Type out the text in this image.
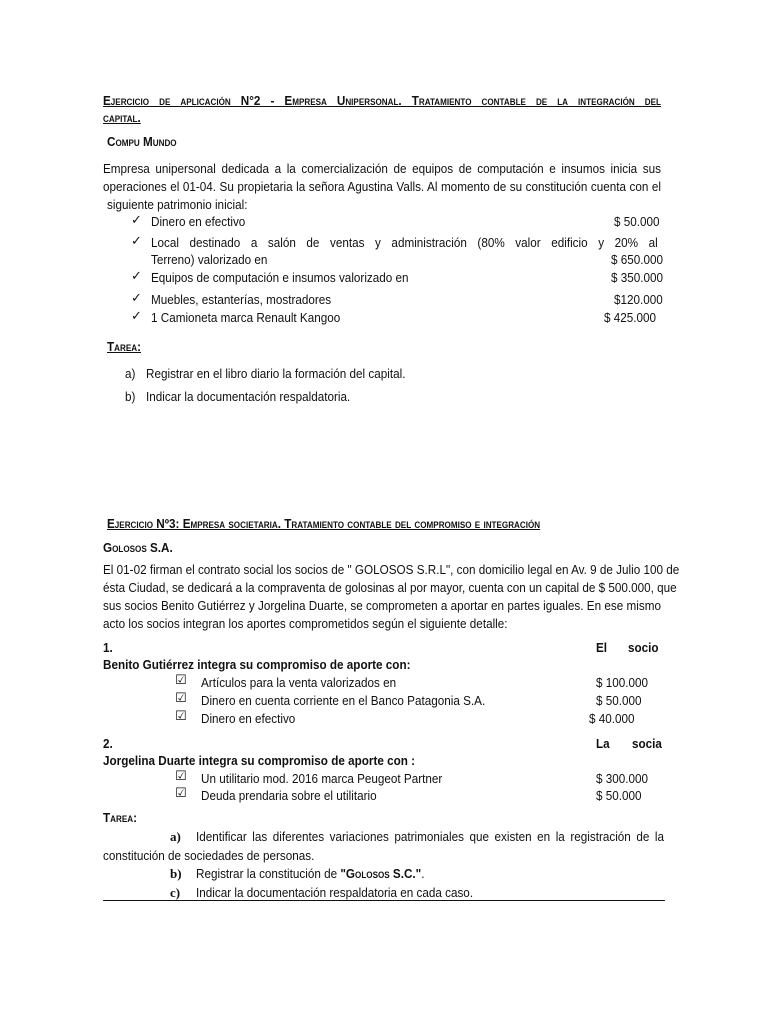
Ejercicio de aplicación N°2 - Empresa Unipersonal. Tratamiento contable de la integración del
capital.
Compu Mundo
Empresa unipersonal dedicada a la comercialización de equipos de computación e insumos inicia sus
operaciones el 01-04. Su propietaria la señora Agustina Valls. Al momento de su constitución cuenta con el
siguiente patrimonio inicial:
✓ Dinero en efectivo	$ 50.000
✓ Local destinado a salón de ventas y administración (80% valor edificio y 20% al
Terreno) valorizado en	$ 650.000
✓ Equipos de computación e insumos valorizado en	$ 350.000
✓ Muebles, estanterías, mostradores	$120.000
✓ 1 Camioneta marca Renault Kangoo	$ 425.000
Tarea:
a) Registrar en el libro diario la formación del capital.
b) Indicar la documentación respaldatoria.
Ejercicio Nº3: Empresa societaria. Tratamiento contable del compromiso e integración
Golosos S.A.
El 01-02 firman el contrato social los socios de " GOLOSOS S.R.L", con domicilio legal en Av. 9 de Julio 100 de
ésta Ciudad, se dedicará a la compraventa de golosinas al por mayor, cuenta con un capital de $ 500.000, que
sus socios Benito Gutiérrez y Jorgelina Duarte, se comprometen a aportar en partes iguales. En ese mismo
acto los socios integran los aportes comprometidos según el siguiente detalle:
1.	El socio
Benito Gutiérrez integra su compromiso de aporte con:
☑ Artículos para la venta valorizados en	$ 100.000
☑ Dinero en cuenta corriente en el Banco Patagonia S.A.	$ 50.000
☑ Dinero en efectivo	$ 40.000
2.	La socia
Jorgelina Duarte integra su compromiso de aporte con :
☑ Un utilitario mod. 2016 marca Peugeot Partner	$ 300.000
☑ Deuda prendaria sobre el utilitario	$ 50.000
Tarea:
a) Identificar las diferentes variaciones patrimoniales que existen en la registración de la
constitución de sociedades de personas.
b) Registrar la constitución de "Golosos S.C.".
c) Indicar la documentación respaldatoria en cada caso.
